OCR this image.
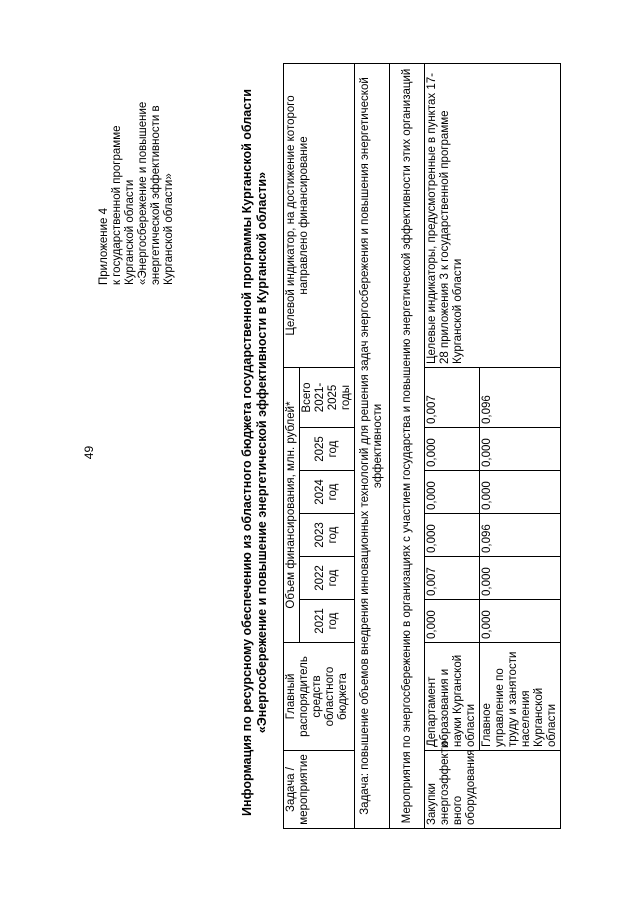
49
Приложение 4 к государственной программе Курганской области «Энергосбережение и повышение энергетической эффективности в Курганской области»	Информация по ресурсному обеспечению из областного бюджета государственной программы Курганской области «Энергосбережение и повышение энергетической эффективности в Курганской области»
Задача / мероприятие	Главный распорядитель средств областного бюджета	Объем финансирования, млн. рублей*						Целевой индикатор, на достижение которого направлено финансирование
		2021 год	2022 год	2023 год	2024 год	2025 год	Всего 2021-2025 годы	
Задача: повышение объемов внедрения инновационных технологий для решения задач энергосбережения и повышения энергетической эффективности								
Мероприятия по энергосбережению в организациях с участием государства и повышению энергетической эффективности этих организаций								
Закупки энергоэффекти-вного оборудования	Департамент образования и науки Курганской области	0,000	0,007	0,000	0,000	0,000	0,007	Целевые индикаторы, предусмотренные в пунктах 17-28 приложения 3 к государственной программе Курганской области
	Главное управление по труду и занятости населения Курганской области	0,000	0,000	0,096	0,000	0,000	0,096	
